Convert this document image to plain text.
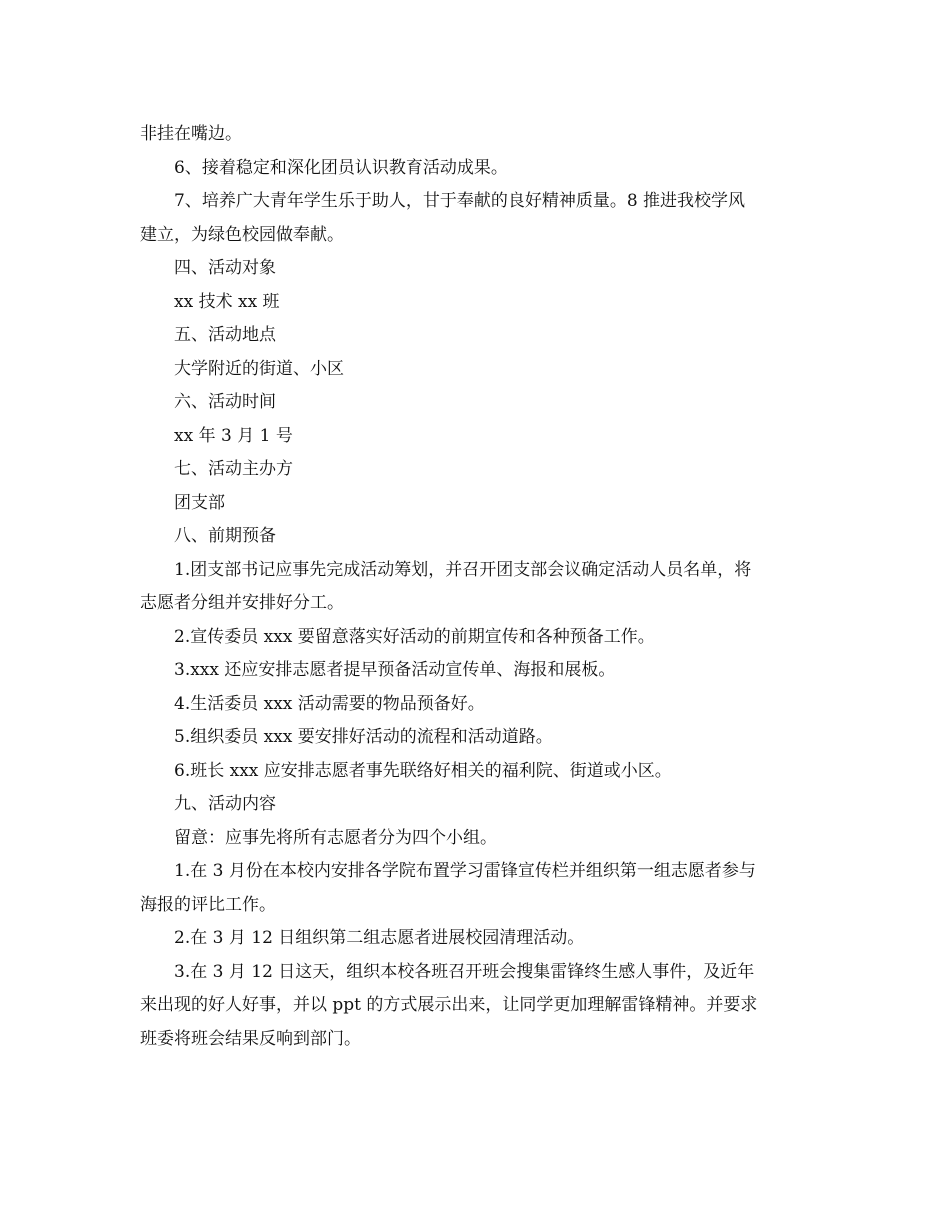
非挂在嘴边。
6、接着稳定和深化团员认识教育活动成果。
7、培养广大青年学生乐于助人，甘于奉献的良好精神质量。8 推进我校学风
建立，为绿色校园做奉献。
四、活动对象
xx 技术 xx 班
五、活动地点
大学附近的街道、小区
六、活动时间
xx 年 3 月 1 号
七、活动主办方
团支部
八、前期预备
1.团支部书记应事先完成活动筹划，并召开团支部会议确定活动人员名单，将
志愿者分组并安排好分工。
2.宣传委员 xxx 要留意落实好活动的前期宣传和各种预备工作。
3.xxx 还应安排志愿者提早预备活动宣传单、海报和展板。
4.生活委员 xxx 活动需要的物品预备好。
5.组织委员 xxx 要安排好活动的流程和活动道路。
6.班长 xxx 应安排志愿者事先联络好相关的福利院、街道或小区。
九、活动内容
留意：应事先将所有志愿者分为四个小组。
1.在 3 月份在本校内安排各学院布置学习雷锋宣传栏并组织第一组志愿者参与
海报的评比工作。
2.在 3 月 12 日组织第二组志愿者进展校园清理活动。
3.在 3 月 12 日这天，组织本校各班召开班会搜集雷锋终生感人事件，及近年
来出现的好人好事，并以 ppt 的方式展示出来，让同学更加理解雷锋精神。并要求
班委将班会结果反响到部门。
